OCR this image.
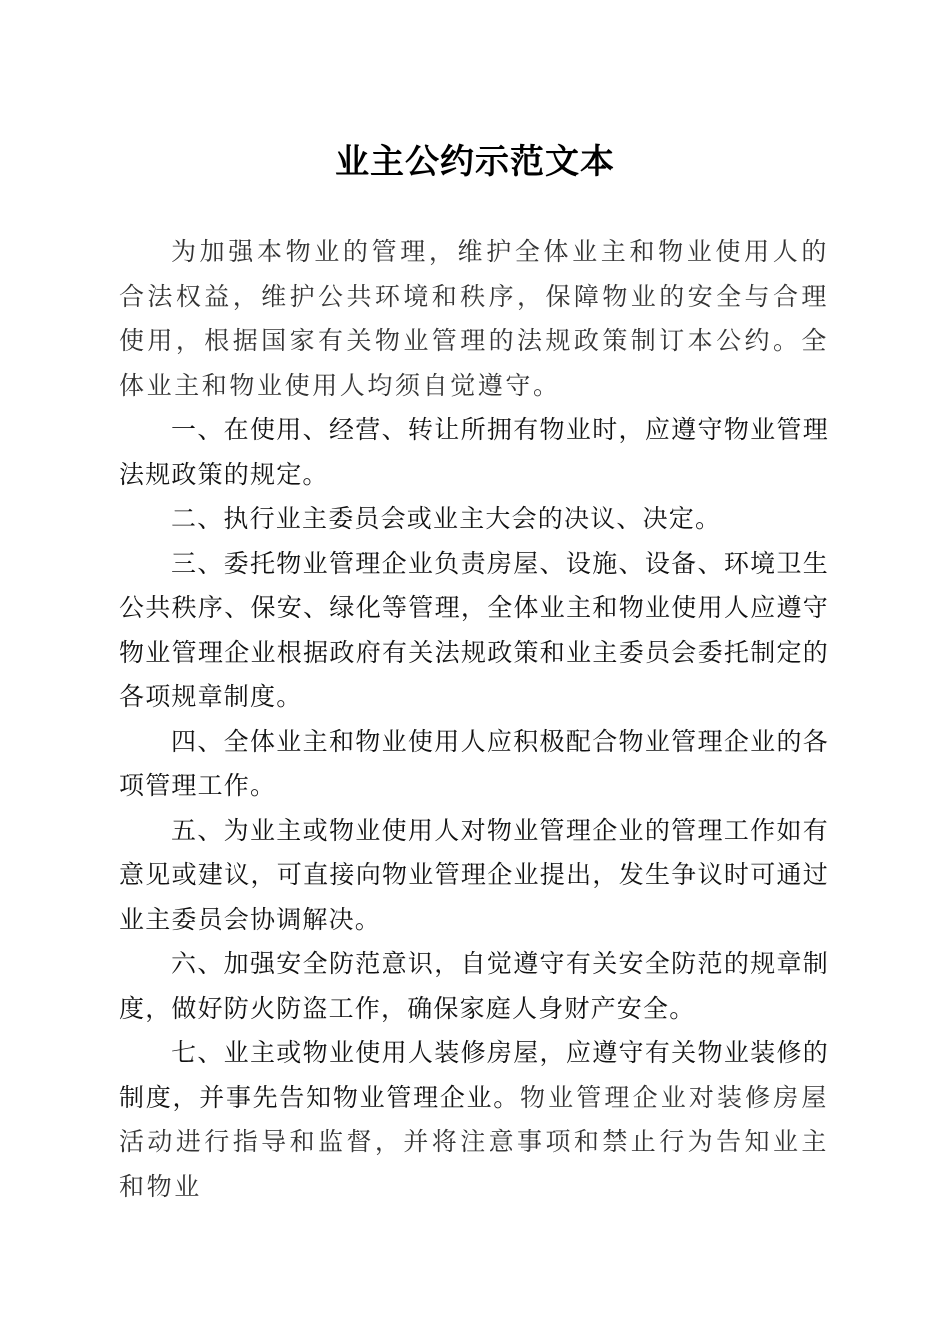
业主公约示范文本

为加强本物业的管理，维护全体业主和物业使用人的合法权益，维护公共环境和秩序，保障物业的安全与合理使用，根据国家有关物业管理的法规政策制订本公约。全体业主和物业使用人均须自觉遵守。

一、在使用、经营、转让所拥有物业时，应遵守物业管理法规政策的规定。

二、执行业主委员会或业主大会的决议、决定。

三、委托物业管理企业负责房屋、设施、设备、环境卫生公共秩序、保安、绿化等管理，全体业主和物业使用人应遵守物业管理企业根据政府有关法规政策和业主委员会委托制定的各项规章制度。

四、全体业主和物业使用人应积极配合物业管理企业的各项管理工作。

五、为业主或物业使用人对物业管理企业的管理工作如有意见或建议，可直接向物业管理企业提出，发生争议时可通过业主委员会协调解决。

六、加强安全防范意识，自觉遵守有关安全防范的规章制度，做好防火防盗工作，确保家庭人身财产安全。

七、业主或物业使用人装修房屋，应遵守有关物业装修的制度，并事先告知物业管理企业。物业管理企业对装修房屋活动进行指导和监督，并将注意事项和禁止行为告知业主和物业
